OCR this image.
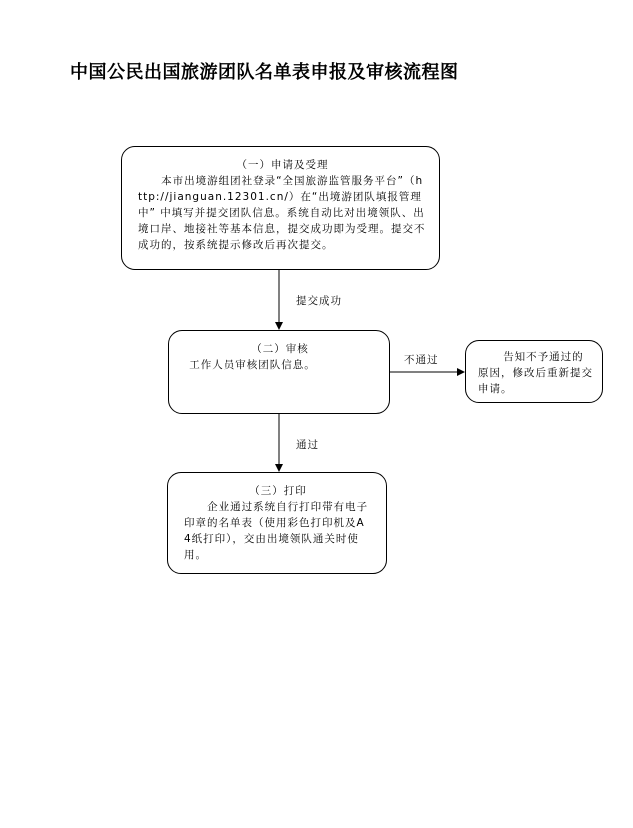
中国公民出国旅游团队名单表申报及审核流程图
（一）申请及受理
本市出境游组团社登录“全国旅游监管服务平台”（http://jianguan.12301.cn/）在“出境游团队填报管理中” 中填写并提交团队信息。系统自动比对出境领队、出境口岸、地接社等基本信息，提交成功即为受理。提交不成功的，按系统提示修改后再次提交。
提交成功
（二）审核
工作人员审核团队信息。	不通过	告知不予通过的原因，修改后重新提交申请。
通过
（三）打印
企业通过系统自行打印带有电子印章的名单表（使用彩色打印机及A4纸打印），交由出境领队通关时使用。
